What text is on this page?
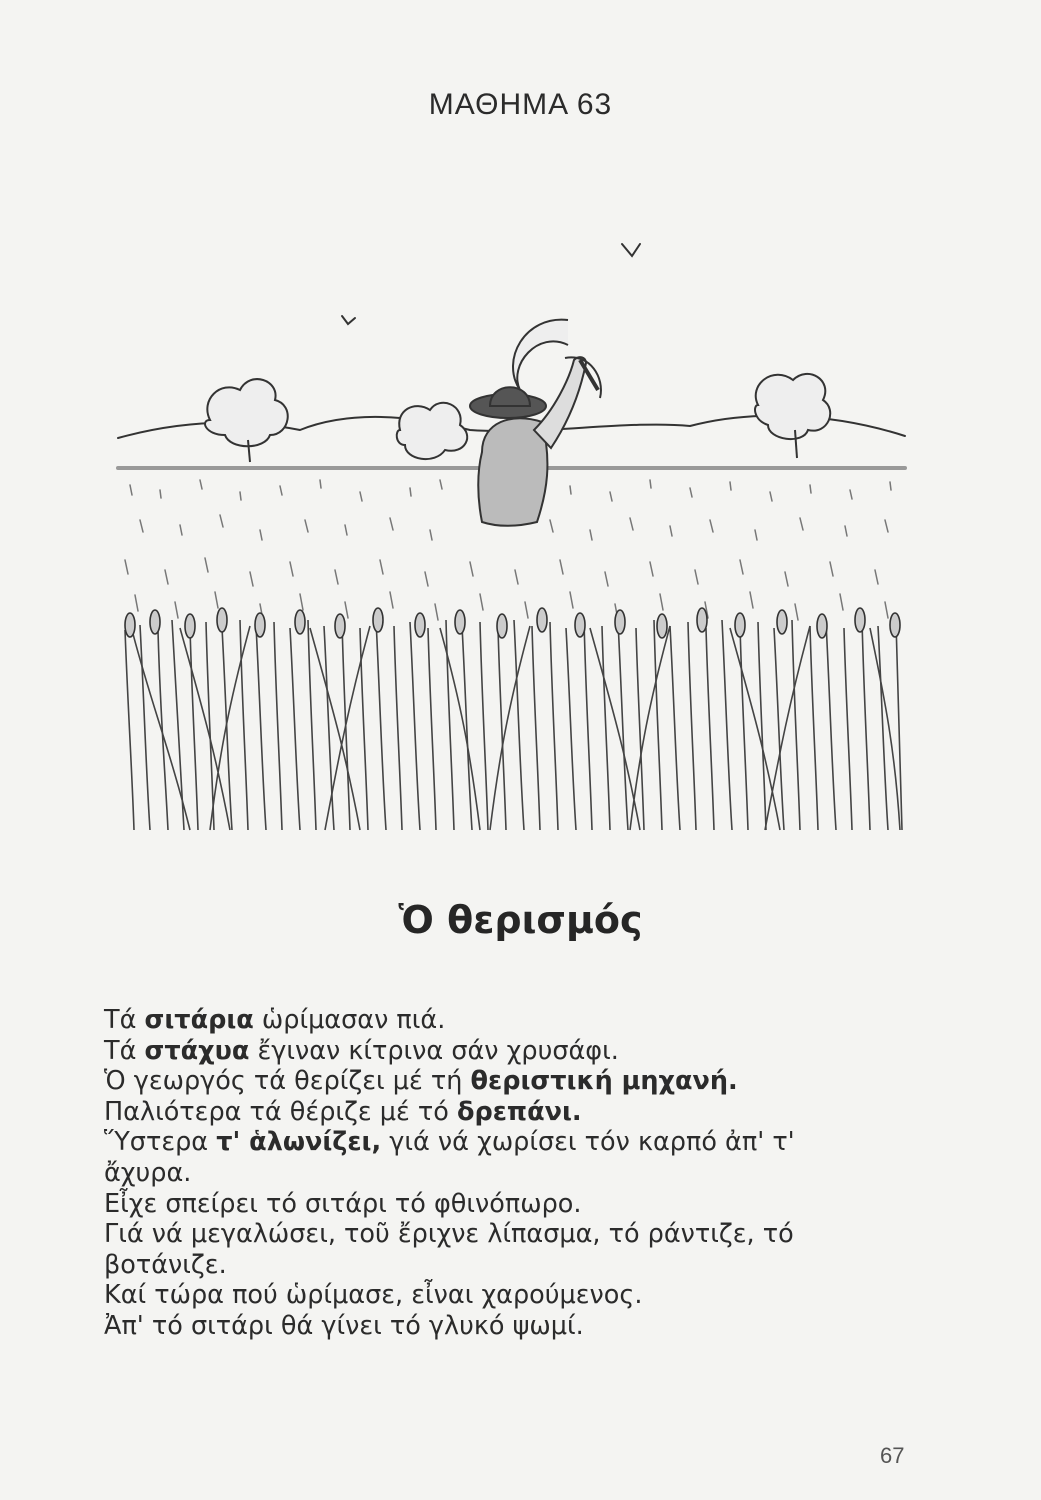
ΜΑΘΗΜΑ 63
Ὁ θερισμός
Τά σιτάρια ὡρίμασαν πιά.
Τά στάχυα ἔγιναν κίτρινα σάν χρυσάφι.
Ὁ γεωργός τά θερίζει μέ τή θεριστική μηχανή.
Παλιότερα τά θέριζε μέ τό δρεπάνι.
Ὕστερα τ' ἁλωνίζει, γιά νά χωρίσει τόν καρπό ἀπ' τ'
ἄχυρα.
Εἶχε σπείρει τό σιτάρι τό φθινόπωρο.
Γιά νά μεγαλώσει, τοῦ ἔριχνε λίπασμα, τό ράντιζε, τό
βοτάνιζε.
Καί τώρα πού ὡρίμασε, εἶναι χαρούμενος.
Ἀπ' τό σιτάρι θά γίνει τό γλυκό ψωμί.
67
